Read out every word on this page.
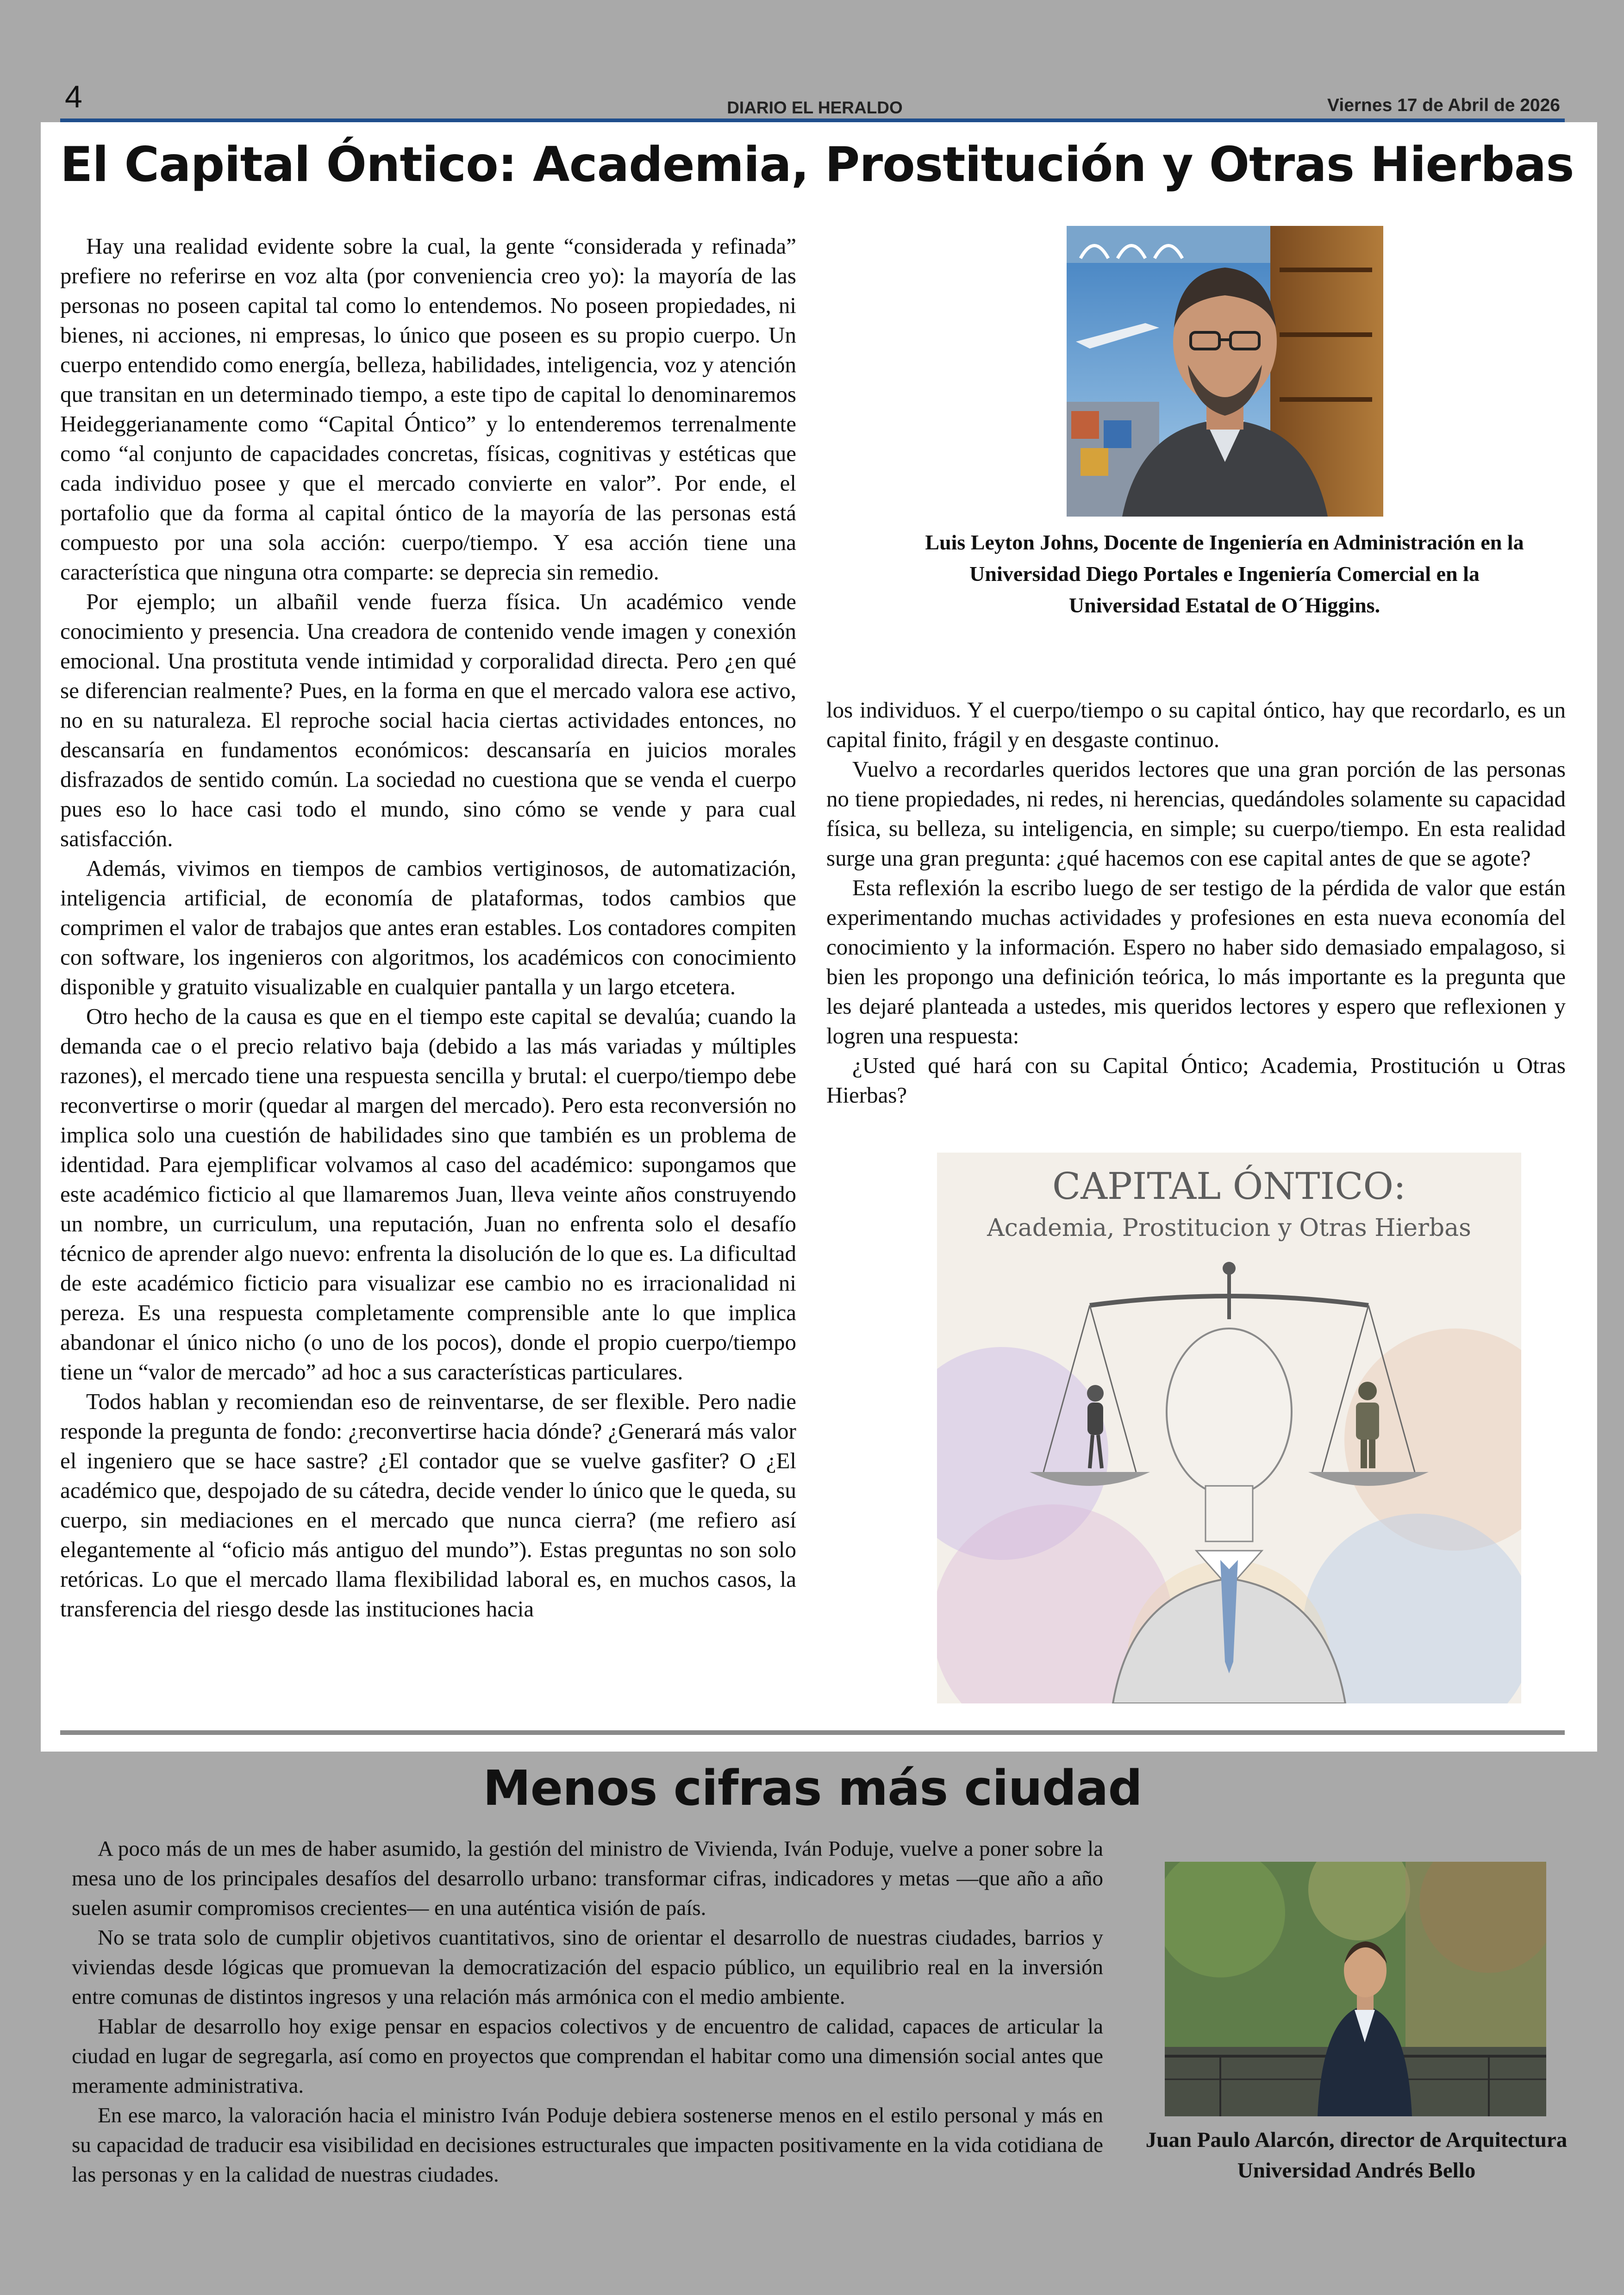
4	DIARIO EL HERALDO	Viernes 17 de Abril de 2026
El Capital Óntico: Academia, Prostitución y Otras Hierbas

Hay una realidad evidente sobre la cual, la gente “considerada y refinada” prefiere no referirse en voz alta (por conveniencia creo yo): la mayoría de las personas no poseen capital tal como lo entendemos. No poseen propiedades, ni bienes, ni acciones, ni empresas, lo único que poseen es su propio cuerpo. Un cuerpo entendido como energía, belleza, habilidades, inteligencia, voz y atención que transitan en un determinado tiempo, a este tipo de capital lo denominaremos Heideggerianamente como “Capital Óntico” y lo entenderemos terrenalmente como “al conjunto de capacidades concretas, físicas, cognitivas y estéticas que cada individuo posee y que el mercado convierte en valor”. Por ende, el portafolio que da forma al capital óntico de la mayoría de las personas está compuesto por una sola acción: cuerpo/tiempo. Y esa acción tiene una característica que ninguna otra comparte: se deprecia sin remedio.

Por ejemplo; un albañil vende fuerza física. Un académico vende conocimiento y presencia. Una creadora de contenido vende imagen y conexión emocional. Una prostituta vende intimidad y corporalidad directa. Pero ¿en qué se diferencian realmente? Pues, en la forma en que el mercado valora ese activo, no en su naturaleza. El reproche social hacia ciertas actividades entonces, no descansaría en fundamentos económicos: descansaría en juicios morales disfrazados de sentido común. La sociedad no cuestiona que se venda el cuerpo pues eso lo hace casi todo el mundo, sino cómo se vende y para cual satisfacción.

Además, vivimos en tiempos de cambios vertiginosos, de automatización, inteligencia artificial, de economía de plataformas, todos cambios que comprimen el valor de trabajos que antes eran estables. Los contadores compiten con software, los ingenieros con algoritmos, los académicos con conocimiento disponible y gratuito visualizable en cualquier pantalla y un largo etcetera.

Otro hecho de la causa es que en el tiempo este capital se devalúa; cuando la demanda cae o el precio relativo baja (debido a las más variadas y múltiples razones), el mercado tiene una respuesta sencilla y brutal: el cuerpo/tiempo debe reconvertirse o morir (quedar al margen del mercado). Pero esta reconversión no implica solo una cuestión de habilidades sino que también es un problema de identidad. Para ejemplificar volvamos al caso del académico: supongamos que este académico ficticio al que llamaremos Juan, lleva veinte años construyendo un nombre, un curriculum, una reputación, Juan no enfrenta solo el desafío técnico de aprender algo nuevo: enfrenta la disolución de lo que es. La dificultad de este académico ficticio para visualizar ese cambio no es irracionalidad ni pereza. Es una respuesta completamente comprensible ante lo que implica abandonar el único nicho (o uno de los pocos), donde el propio cuerpo/tiempo tiene un “valor de mercado” ad hoc a sus características particulares.

Todos hablan y recomiendan eso de reinventarse, de ser flexible. Pero nadie responde la pregunta de fondo: ¿reconvertirse hacia dónde? ¿Generará más valor el ingeniero que se hace sastre? ¿El contador que se vuelve gasfiter? O ¿El académico que, despojado de su cátedra, decide vender lo único que le queda, su cuerpo, sin mediaciones en el mercado que nunca cierra? (me refiero así elegantemente al “oficio más antiguo del mundo”). Estas preguntas no son solo retóricas. Lo que el mercado llama flexibilidad laboral es, en muchos casos, la transferencia del riesgo desde las instituciones hacia

Luis Leyton Johns, Docente de Ingeniería en Administración en la Universidad Diego Portales e Ingeniería Comercial en la Universidad Estatal de O´Higgins.

los individuos. Y el cuerpo/tiempo o su capital óntico, hay que recordarlo, es un capital finito, frágil y en desgaste continuo.

Vuelvo a recordarles queridos lectores que una gran porción de las personas no tiene propiedades, ni redes, ni herencias, quedándoles solamente su capacidad física, su belleza, su inteligencia, en simple; su cuerpo/tiempo. En esta realidad surge una gran pregunta: ¿qué hacemos con ese capital antes de que se agote?

Esta reflexión la escribo luego de ser testigo de la pérdida de valor que están experimentando muchas actividades y profesiones en esta nueva economía del conocimiento y la información. Espero no haber sido demasiado empalagoso, si bien les propongo una definición teórica, lo más importante es la pregunta que les dejaré planteada a ustedes, mis queridos lectores y espero que reflexionen y logren una respuesta:

¿Usted qué hará con su Capital Óntico; Academia, Prostitución u Otras Hierbas?

CAPITAL ÓNTICO:
Academia, Prostitucion y Otras Hierbas
Menos cifras más ciudad

A poco más de un mes de haber asumido, la gestión del ministro de Vivienda, Iván Poduje, vuelve a poner sobre la mesa uno de los principales desafíos del desarrollo urbano: transformar cifras, indicadores y metas —que año a año suelen asumir compromisos crecientes— en una auténtica visión de país.

No se trata solo de cumplir objetivos cuantitativos, sino de orientar el desarrollo de nuestras ciudades, barrios y viviendas desde lógicas que promuevan la democratización del espacio público, un equilibrio real en la inversión entre comunas de distintos ingresos y una relación más armónica con el medio ambiente.

Hablar de desarrollo hoy exige pensar en espacios colectivos y de encuentro de calidad, capaces de articular la ciudad en lugar de segregarla, así como en proyectos que comprendan el habitar como una dimensión social antes que meramente administrativa.

En ese marco, la valoración hacia el ministro Iván Poduje debiera sostenerse menos en el estilo personal y más en su capacidad de traducir esa visibilidad en decisiones estructurales que impacten positivamente en la vida cotidiana de las personas y en la calidad de nuestras ciudades.

Juan Paulo Alarcón, director de Arquitectura Universidad Andrés Bello
